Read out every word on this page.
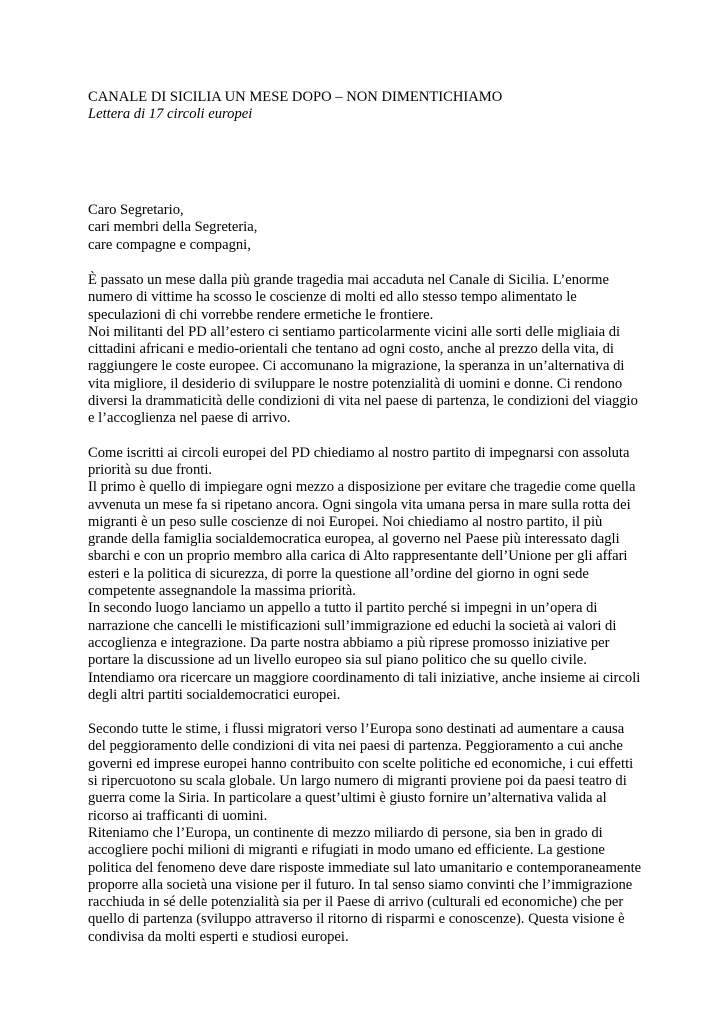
CANALE DI SICILIA UN MESE DOPO – NON DIMENTICHIAMO
Lettera di 17 circoli europei
Caro Segretario,
cari membri della Segreteria,
care compagne e compagni,

È passato un mese dalla più grande tragedia mai accaduta nel Canale di Sicilia. L’enorme numero di vittime ha scosso le coscienze di molti ed allo stesso tempo alimentato le speculazioni di chi vorrebbe rendere ermetiche le frontiere.

Noi militanti del PD all’estero ci sentiamo particolarmente vicini alle sorti delle migliaia di cittadini africani e medio-orientali che tentano ad ogni costo, anche al prezzo della vita, di raggiungere le coste europee. Ci accomunano la migrazione, la speranza in un’alternativa di vita migliore, il desiderio di sviluppare le nostre potenzialità di uomini e donne. Ci rendono diversi la drammaticità delle condizioni di vita nel paese di partenza, le condizioni del viaggio e l’accoglienza nel paese di arrivo.

Come iscritti ai circoli europei del PD chiediamo al nostro partito di impegnarsi con assoluta priorità su due fronti.

Il primo è quello di impiegare ogni mezzo a disposizione per evitare che tragedie come quella avvenuta un mese fa si ripetano ancora. Ogni singola vita umana persa in mare sulla rotta dei migranti è un peso sulle coscienze di noi Europei. Noi chiediamo al nostro partito, il più grande della famiglia socialdemocratica europea, al governo nel Paese più interessato dagli sbarchi e con un proprio membro alla carica di Alto rappresentante dell’Unione per gli affari esteri e la politica di sicurezza, di porre la questione all’ordine del giorno in ogni sede competente assegnandole la massima priorità.

In secondo luogo lanciamo un appello a tutto il partito perché si impegni in un’opera di narrazione che cancelli le mistificazioni sull’immigrazione ed educhi la società ai valori di accoglienza e integrazione. Da parte nostra abbiamo a più riprese promosso iniziative per portare la discussione ad un livello europeo sia sul piano politico che su quello civile. Intendiamo ora ricercare un maggiore coordinamento di tali iniziative, anche insieme ai circoli degli altri partiti socialdemocratici europei.

Secondo tutte le stime, i flussi migratori verso l’Europa sono destinati ad aumentare a causa del peggioramento delle condizioni di vita nei paesi di partenza. Peggioramento a cui anche governi ed imprese europei hanno contribuito con scelte politiche ed economiche, i cui effetti si ripercuotono su scala globale. Un largo numero di migranti proviene poi da paesi teatro di guerra come la Siria. In particolare a quest’ultimi è giusto fornire un’alternativa valida al ricorso ai trafficanti di uomini.

Riteniamo che l’Europa, un continente di mezzo miliardo di persone, sia ben in grado di accogliere pochi milioni di migranti e rifugiati in modo umano ed efficiente. La gestione politica del fenomeno deve dare risposte immediate sul lato umanitario e contemporaneamente proporre alla società una visione per il futuro. In tal senso siamo convinti che l’immigrazione racchiuda in sé delle potenzialità sia per il Paese di arrivo (culturali ed economiche) che per quello di partenza (sviluppo attraverso il ritorno di risparmi e conoscenze). Questa visione è condivisa da molti esperti e studiosi europei.
